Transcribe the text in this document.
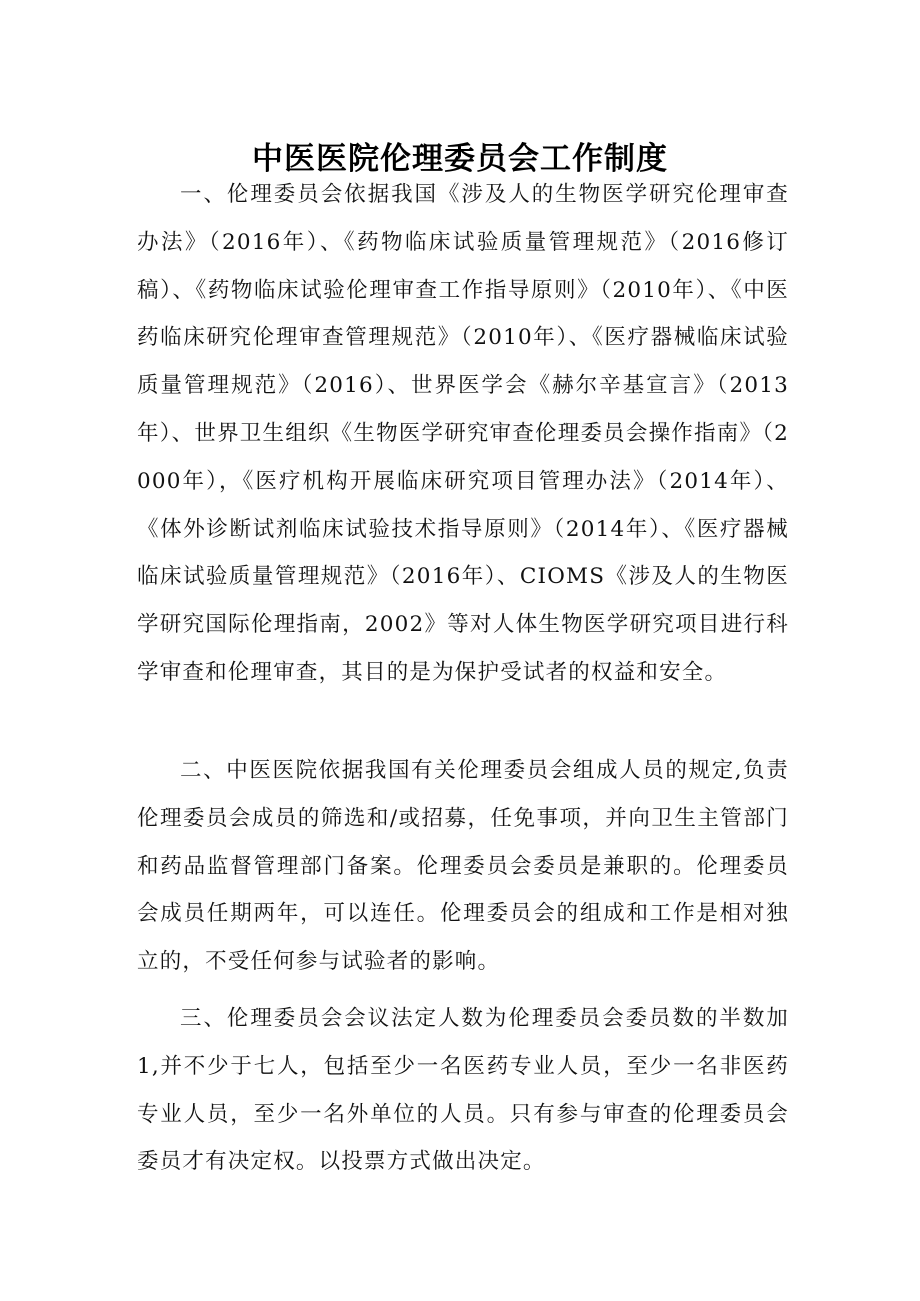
中医医院伦理委员会工作制度

一、伦理委员会依据我国《涉及人的生物医学研究伦理审查办法》（2016年）、《药物临床试验质量管理规范》（2016修订稿）、《药物临床试验伦理审查工作指导原则》（2010年）、《中医药临床研究伦理审查管理规范》（2010年）、《医疗器械临床试验质量管理规范》（2016）、世界医学会《赫尔辛基宣言》（2013年）、世界卫生组织《生物医学研究审查伦理委员会操作指南》（2000年），《医疗机构开展临床研究项目管理办法》（2014年）、《体外诊断试剂临床试验技术指导原则》（2014年）、《医疗器械临床试验质量管理规范》（2016年）、CIOMS《涉及人的生物医学研究国际伦理指南，2002》等对人体生物医学研究项目进行科学审查和伦理审查，其目的是为保护受试者的权益和安全。

二、中医医院依据我国有关伦理委员会组成人员的规定,负责伦理委员会成员的筛选和/或招募，任免事项，并向卫生主管部门和药品监督管理部门备案。伦理委员会委员是兼职的。伦理委员会成员任期两年，可以连任。伦理委员会的组成和工作是相对独立的，不受任何参与试验者的影响。

三、伦理委员会会议法定人数为伦理委员会委员数的半数加1,并不少于七人，包括至少一名医药专业人员，至少一名非医药专业人员，至少一名外单位的人员。只有参与审查的伦理委员会委员才有决定权。以投票方式做出决定。
